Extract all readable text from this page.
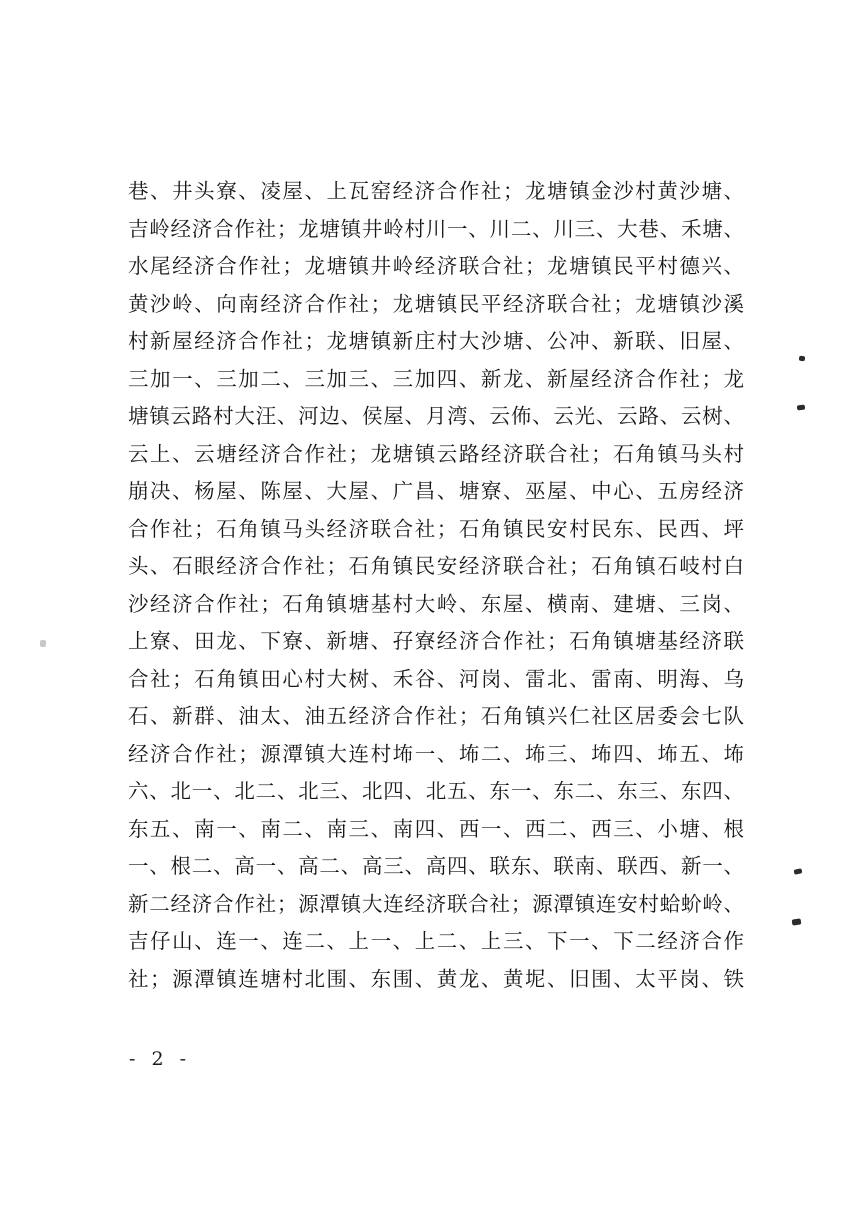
巷、井头寮、凌屋、上瓦窑经济合作社；龙塘镇金沙村黄沙塘、
吉岭经济合作社；龙塘镇井岭村川一、川二、川三、大巷、禾塘、
水尾经济合作社；龙塘镇井岭经济联合社；龙塘镇民平村德兴、
黄沙岭、向南经济合作社；龙塘镇民平经济联合社；龙塘镇沙溪
村新屋经济合作社；龙塘镇新庄村大沙塘、公冲、新联、旧屋、
三加一、三加二、三加三、三加四、新龙、新屋经济合作社；龙
塘镇云路村大汪、河边、侯屋、月湾、云佈、云光、云路、云树、
云上、云塘经济合作社；龙塘镇云路经济联合社；石角镇马头村
崩决、杨屋、陈屋、大屋、广昌、塘寮、巫屋、中心、五房经济
合作社；石角镇马头经济联合社；石角镇民安村民东、民西、坪
头、石眼经济合作社；石角镇民安经济联合社；石角镇石岐村白
沙经济合作社；石角镇塘基村大岭、东屋、横南、建塘、三岗、
上寮、田龙、下寮、新塘、孖寮经济合作社；石角镇塘基经济联
合社；石角镇田心村大树、禾谷、河岗、雷北、雷南、明海、乌
石、新群、油太、油五经济合作社；石角镇兴仁社区居委会七队
经济合作社；源潭镇大连村㘵一、㘵二、㘵三、㘵四、㘵五、㘵
六、北一、北二、北三、北四、北五、东一、东二、东三、东四、
东五、南一、南二、南三、南四、西一、西二、西三、小塘、根
一、根二、高一、高二、高三、高四、联东、联南、联西、新一、
新二经济合作社；源潭镇大连经济联合社；源潭镇连安村蛤蚧岭、
吉仔山、连一、连二、上一、上二、上三、下一、下二经济合作
社；源潭镇连塘村北围、东围、黄龙、黄坭、旧围、太平岗、铁
- 2 -
